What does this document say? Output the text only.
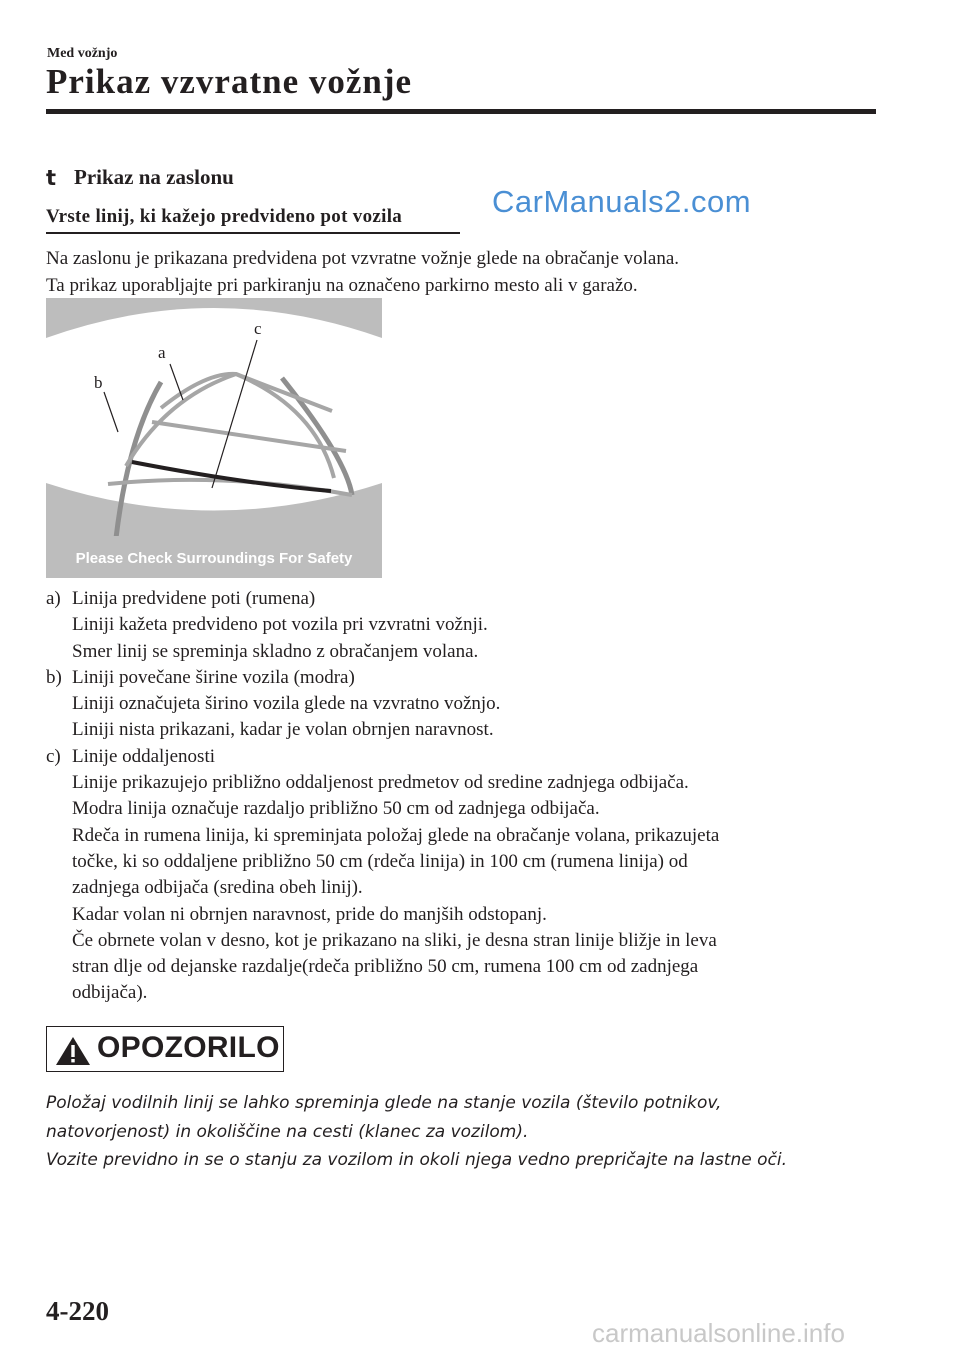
Med vožnjo
Prikaz vzvratne vožnje
t Prikaz na zaslonu
Vrste linij, ki kažejo predvideno pot vozila	CarManuals2.com

Na zaslonu je prikazana predvidena pot vzvratne vožnje glede na obračanje volana.

Ta prikaz uporabljajte pri parkiranju na označeno parkirno mesto ali v garažo.

a
b
c
Please Check Surroundings For Safety
a) Linija predvidene poti (rumena)
Liniji kažeta predvideno pot vozila pri vzvratni vožnji.
Smer linij se spreminja skladno z obračanjem volana.
b) Liniji povečane širine vozila (modra)
Liniji označujeta širino vozila glede na vzvratno vožnjo.
Liniji nista prikazani, kadar je volan obrnjen naravnost.
c) Linije oddaljenosti
Linije prikazujejo približno oddaljenost predmetov od sredine zadnjega odbijača.
Modra linija označuje razdaljo približno 50 cm od zadnjega odbijača.
Rdeča in rumena linija, ki spreminjata položaj glede na obračanje volana, prikazujeta
točke, ki so oddaljene približno 50 cm (rdeča linija) in 100 cm (rumena linija) od
zadnjega odbijača (sredina obeh linij).
Kadar volan ni obrnjen naravnost, pride do manjših odstopanj.
Če obrnete volan v desno, kot je prikazano na sliki, je desna stran linije bližje in leva
stran dlje od dejanske razdalje(rdeča približno 50 cm, rumena 100 cm od zadnjega
odbijača).
OPOZORILO

Položaj vodilnih linij se lahko spreminja glede na stanje vozila (število potnikov,

natovorjenost) in okoliščine na cesti (klanec za vozilom).

Vozite previdno in se o stanju za vozilom in okoli njega vedno prepričajte na lastne oči.

4-220
carmanualsonline.info
